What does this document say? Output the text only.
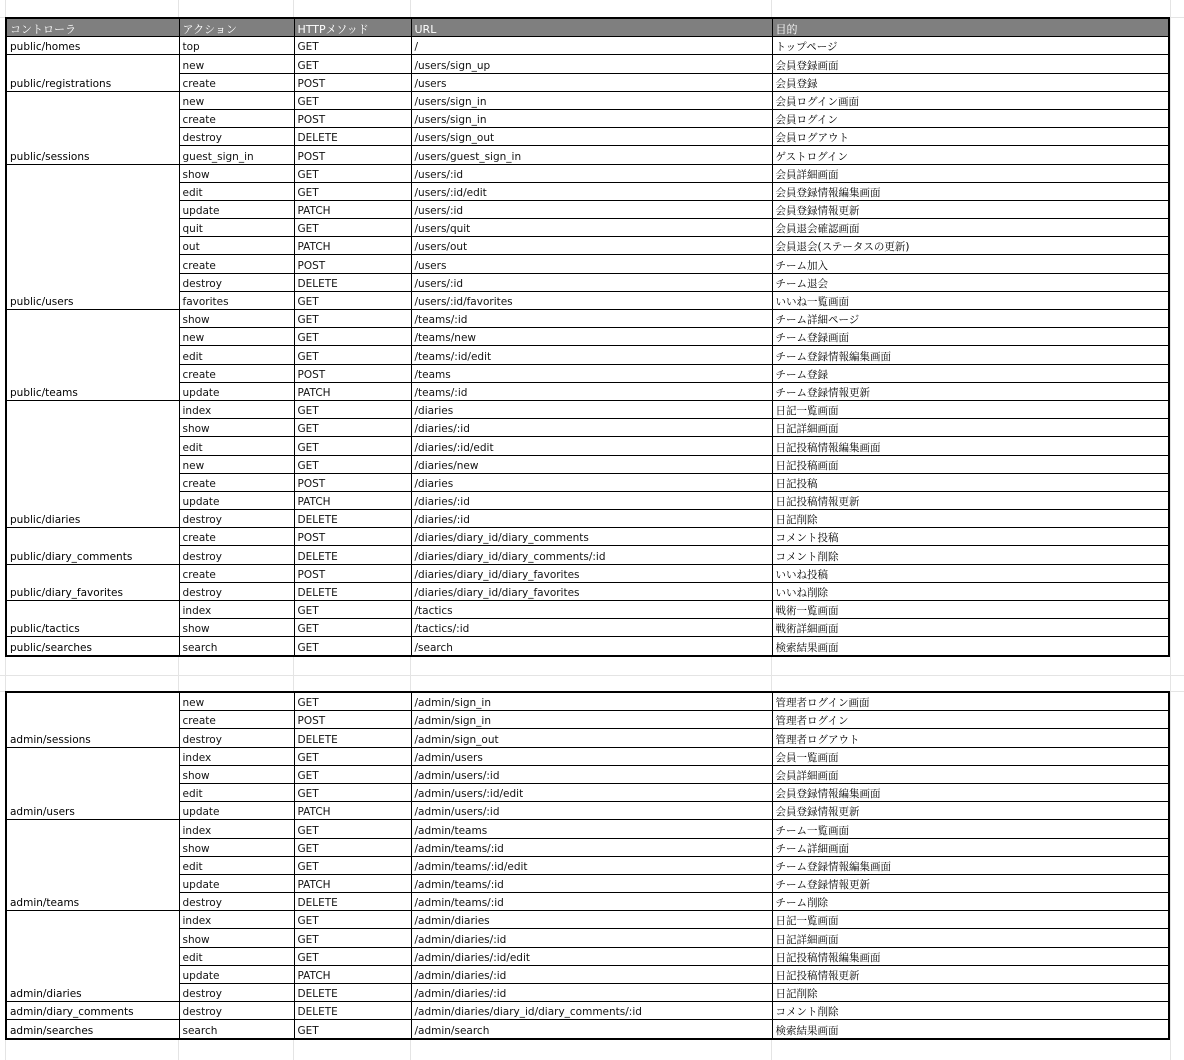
コントローラ	アクション	HTTPメソッド	URL	目的
public/homes	top	GET	/	トップページ
public/registrations	new	GET	/users/sign_up	会員登録画面
	create	POST	/users	会員登録
public/sessions	new	GET	/users/sign_in	会員ログイン画面
	create	POST	/users/sign_in	会員ログイン
	destroy	DELETE	/users/sign_out	会員ログアウト
	guest_sign_in	POST	/users/guest_sign_in	ゲストログイン
public/users	show	GET	/users/:id	会員詳細画面
	edit	GET	/users/:id/edit	会員登録情報編集画面
	update	PATCH	/users/:id	会員登録情報更新
	quit	GET	/users/quit	会員退会確認画面
	out	PATCH	/users/out	会員退会(ステータスの更新)
	create	POST	/users	チーム加入
	destroy	DELETE	/users/:id	チーム退会
	favorites	GET	/users/:id/favorites	いいね一覧画面
public/teams	show	GET	/teams/:id	チーム詳細ページ
	new	GET	/teams/new	チーム登録画面
	edit	GET	/teams/:id/edit	チーム登録情報編集画面
	create	POST	/teams	チーム登録
	update	PATCH	/teams/:id	チーム登録情報更新
public/diaries	index	GET	/diaries	日記一覧画面
	show	GET	/diaries/:id	日記詳細画面
	edit	GET	/diaries/:id/edit	日記投稿情報編集画面
	new	GET	/diaries/new	日記投稿画面
	create	POST	/diaries	日記投稿
	update	PATCH	/diaries/:id	日記投稿情報更新
	destroy	DELETE	/diaries/:id	日記削除
public/diary_comments	create	POST	/diaries/diary_id/diary_comments	コメント投稿
	destroy	DELETE	/diaries/diary_id/diary_comments/:id	コメント削除
public/diary_favorites	create	POST	/diaries/diary_id/diary_favorites	いいね投稿
	destroy	DELETE	/diaries/diary_id/diary_favorites	いいね削除
public/tactics	index	GET	/tactics	戦術一覧画面
	show	GET	/tactics/:id	戦術詳細画面
public/searches	search	GET	/search	検索結果画面
admin/sessions	new	GET	/admin/sign_in	管理者ログイン画面
	create	POST	/admin/sign_in	管理者ログイン
	destroy	DELETE	/admin/sign_out	管理者ログアウト
admin/users	index	GET	/admin/users	会員一覧画面
	show	GET	/admin/users/:id	会員詳細画面
	edit	GET	/admin/users/:id/edit	会員登録情報編集画面
	update	PATCH	/admin/users/:id	会員登録情報更新
admin/teams	index	GET	/admin/teams	チーム一覧画面
	show	GET	/admin/teams/:id	チーム詳細画面
	edit	GET	/admin/teams/:id/edit	チーム登録情報編集画面
	update	PATCH	/admin/teams/:id	チーム登録情報更新
	destroy	DELETE	/admin/teams/:id	チーム削除
admin/diaries	index	GET	/admin/diaries	日記一覧画面
	show	GET	/admin/diaries/:id	日記詳細画面
	edit	GET	/admin/diaries/:id/edit	日記投稿情報編集画面
	update	PATCH	/admin/diaries/:id	日記投稿情報更新
	destroy	DELETE	/admin/diaries/:id	日記削除
admin/diary_comments	destroy	DELETE	/admin/diaries/diary_id/diary_comments/:id	コメント削除
admin/searches	search	GET	/admin/search	検索結果画面
